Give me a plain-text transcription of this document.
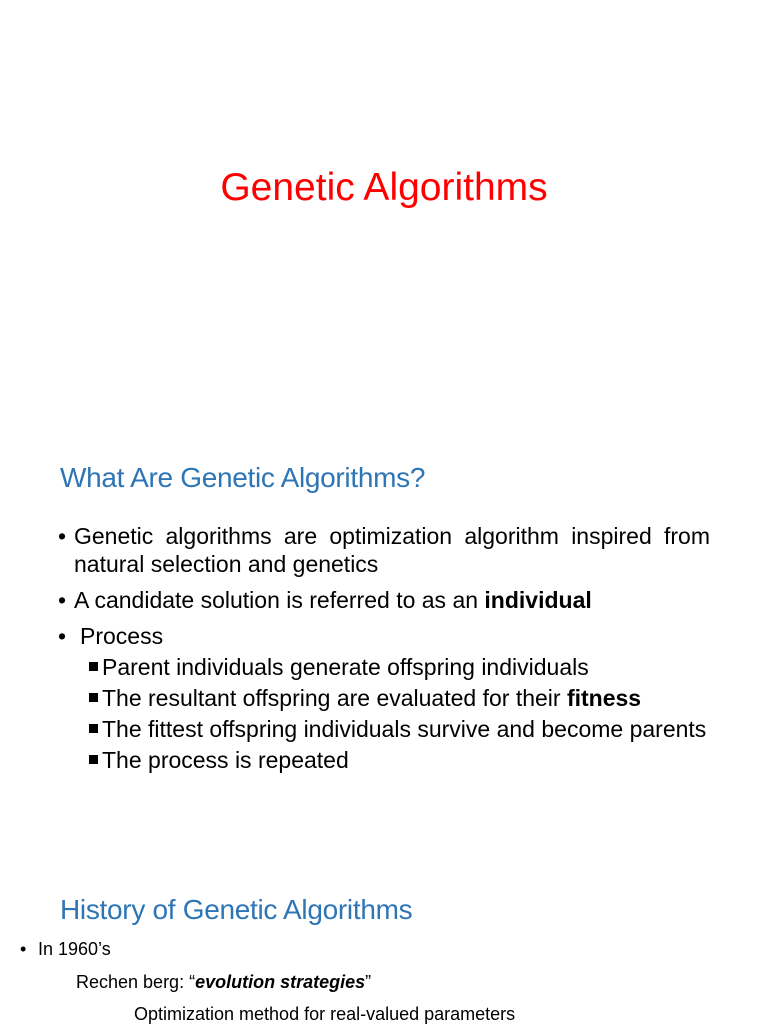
Genetic Algorithms
What Are Genetic Algorithms?
• Genetic algorithms are optimization algorithm inspired from natural selection and genetics
• A candidate solution is referred to as an individual
• Process
Parent individuals generate offspring individuals
The resultant offspring are evaluated for their fitness
The fittest offspring individuals survive and become parents
The process is repeated
History of Genetic Algorithms
• In 1960’s
Rechen berg: “evolution strategies”
Optimization method for real-valued parameters
